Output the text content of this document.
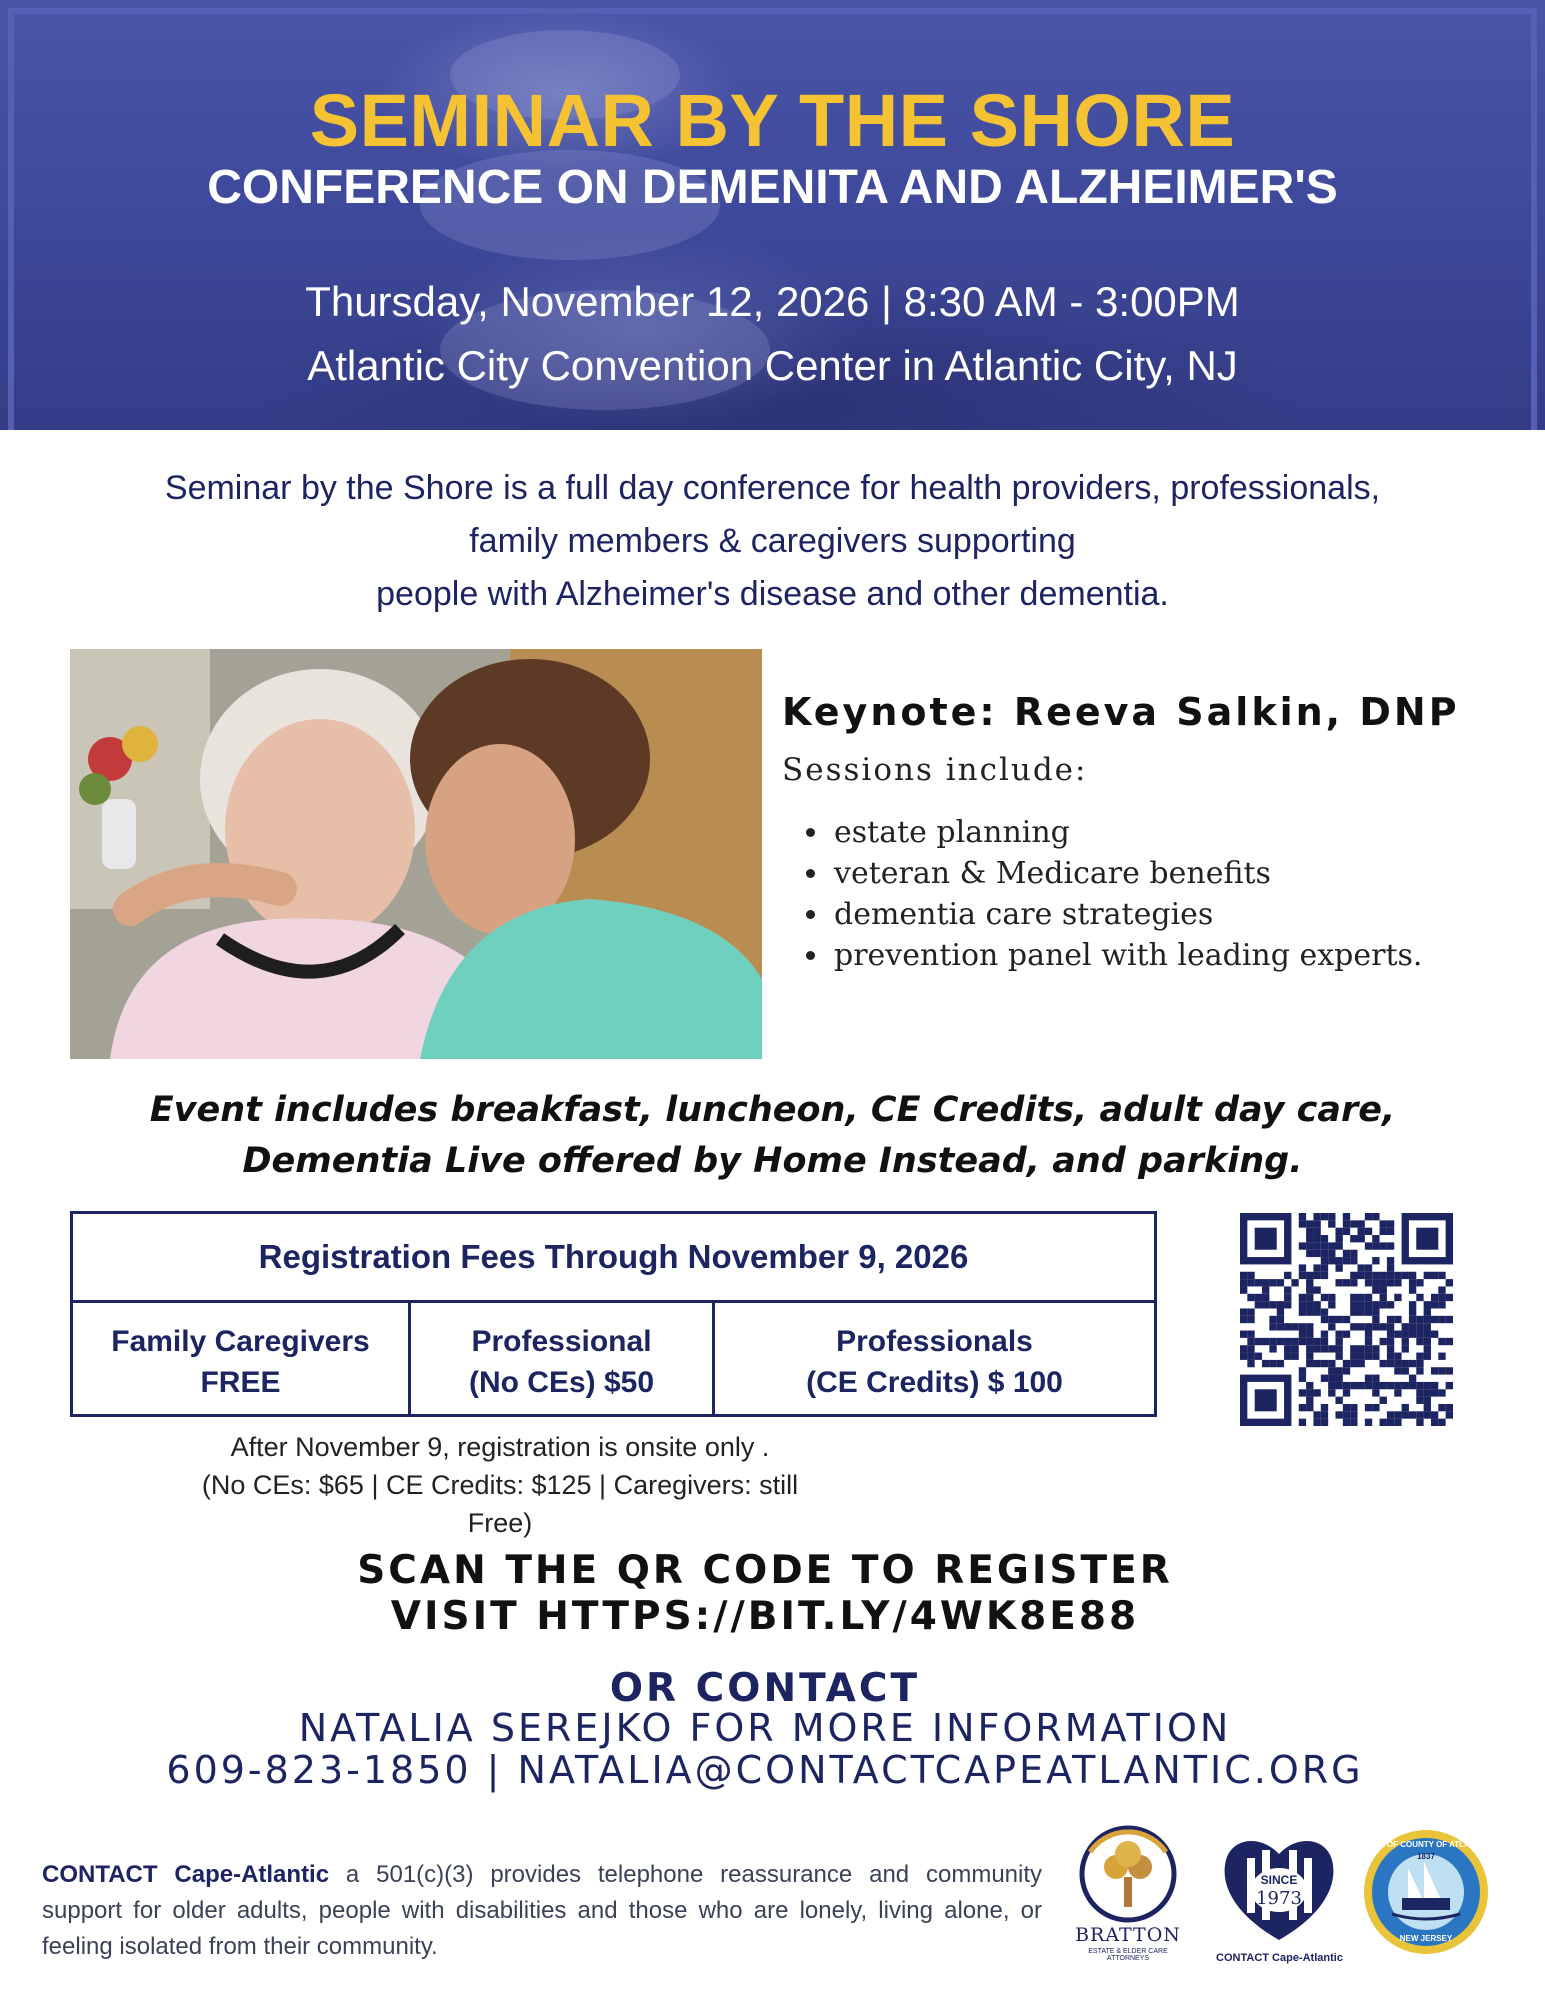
SEMINAR BY THE SHORE
CONFERENCE ON DEMENITA AND ALZHEIMER'S
Thursday, November 12, 2026 | 8:30 AM - 3:00PM
Atlantic City Convention Center in Atlantic City, NJ
Seminar by the Shore is a full day conference for health providers, professionals,
family members & caregivers supporting
people with Alzheimer's disease and other dementia.
Keynote: Reeva Salkin, DNP
Sessions include:
estate planning
veteran & Medicare benefits
dementia care strategies
prevention panel with leading experts.
Event includes breakfast, luncheon, CE Credits, adult day care,
Dementia Live offered by Home Instead, and parking.
Registration Fees Through November 9, 2026
Family Caregivers
FREE
Professional
(No CEs) $50
Professionals
(CE Credits) $ 100
After November 9, registration is onsite only .
(No CEs: $65 | CE Credits: $125 | Caregivers: still Free)
SCAN THE QR CODE TO REGISTER
VISIT HTTPS://BIT.LY/4WK8E88
OR CONTACT
NATALIA SEREJKO FOR MORE INFORMATION
609-823-1850 | NATALIA@CONTACTCAPEATLANTIC.ORG
CONTACT Cape-Atlantic a 501(c)(3) provides telephone reassurance and community support for older adults, people with disabilities and those who are lonely, living alone, or feeling isolated from their community.	BRATTON
ESTATE & ELDER CARE ATTORNEYS
SINCE
1973
CONTACT Cape-Atlantic
SEAL OF COUNTY OF ATLANTIC
1837
NEW JERSEY
